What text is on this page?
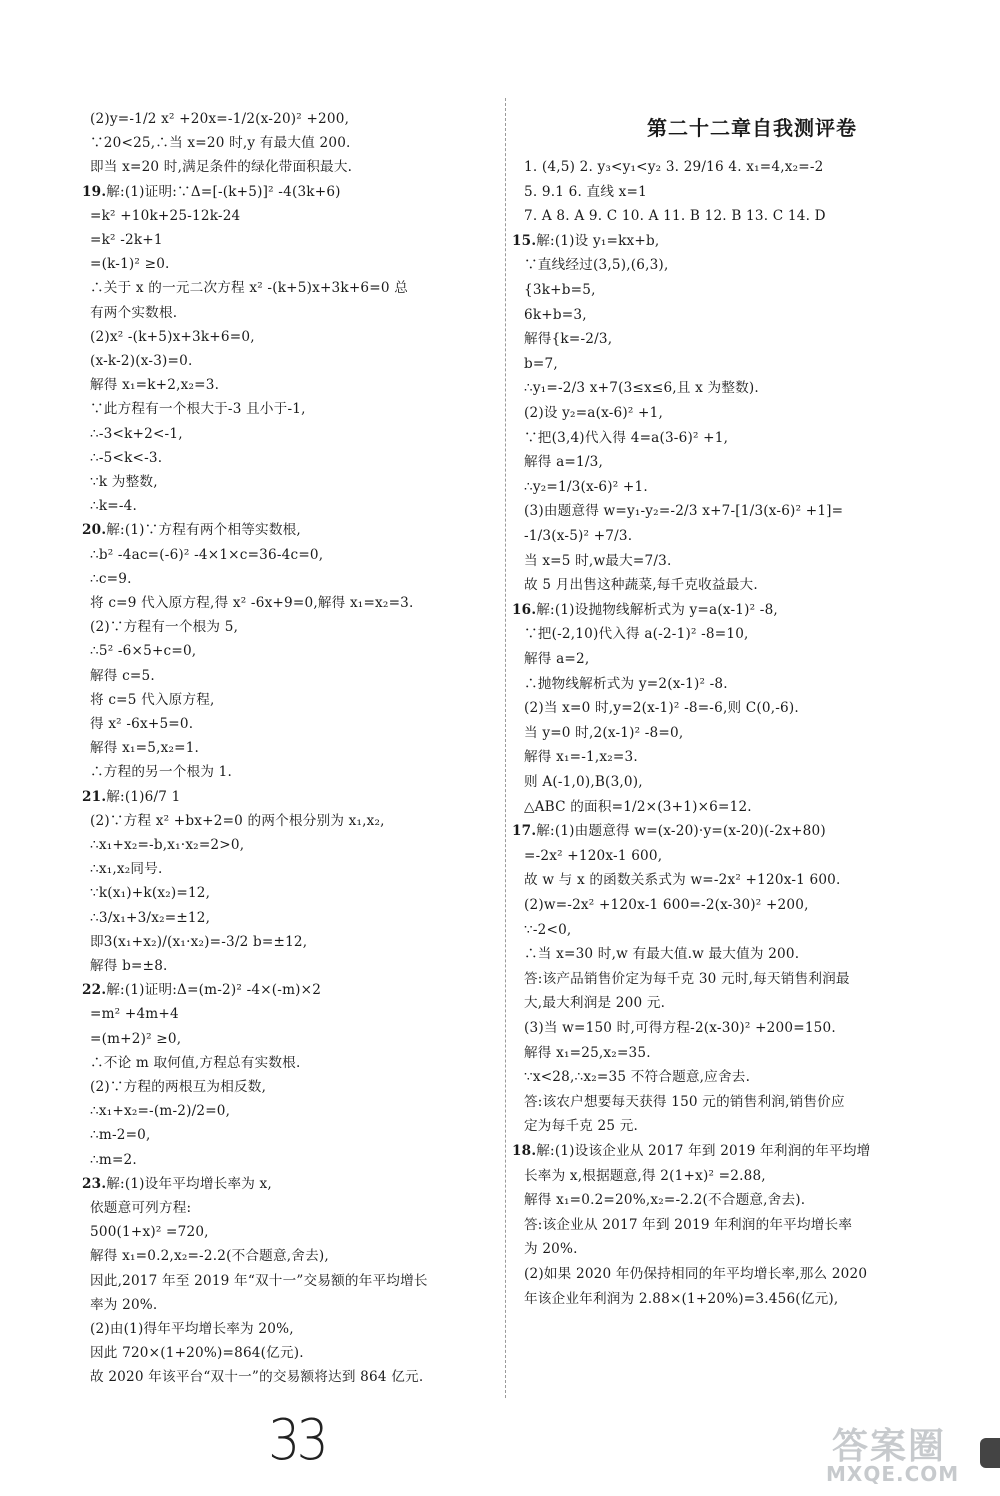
(2)y=-1/2 x² +20x=-1/2(x-20)² +200,
∵20<25,∴当 x=20 时,y 有最大值 200.
即当 x=20 时,满足条件的绿化带面积最大.
19.解:(1)证明:∵Δ=[-(k+5)]² -4(3k+6)
=k² +10k+25-12k-24
=k² -2k+1
=(k-1)² ≥0.
∴关于 x 的一元二次方程 x² -(k+5)x+3k+6=0 总
有两个实数根.
(2)x² -(k+5)x+3k+6=0,
(x-k-2)(x-3)=0.
解得 x₁=k+2,x₂=3.
∵此方程有一个根大于-3 且小于-1,
∴-3<k+2<-1,
∴-5<k<-3.
∵k 为整数,
∴k=-4.
20.解:(1)∵方程有两个相等实数根,
∴b² -4ac=(-6)² -4×1×c=36-4c=0,
∴c=9.
将 c=9 代入原方程,得 x² -6x+9=0,解得 x₁=x₂=3.
(2)∵方程有一个根为 5,
∴5² -6×5+c=0,
解得 c=5.
将 c=5 代入原方程,
得 x² -6x+5=0.
解得 x₁=5,x₂=1.
∴方程的另一个根为 1.
21.解:(1)6/7 1
(2)∵方程 x² +bx+2=0 的两个根分别为 x₁,x₂,
∴x₁+x₂=-b,x₁·x₂=2>0,
∴x₁,x₂同号.
∵k(x₁)+k(x₂)=12,
∴3/x₁+3/x₂=±12,
即3(x₁+x₂)/(x₁·x₂)=-3/2 b=±12,
解得 b=±8.
22.解:(1)证明:Δ=(m-2)² -4×(-m)×2
=m² +4m+4
=(m+2)² ≥0,
∴不论 m 取何值,方程总有实数根.
(2)∵方程的两根互为相反数,
∴x₁+x₂=-(m-2)/2=0,
∴m-2=0,
∴m=2.
23.解:(1)设年平均增长率为 x,
依题意可列方程:
500(1+x)² =720,
解得 x₁=0.2,x₂=-2.2(不合题意,舍去),
因此,2017 年至 2019 年“双十一”交易额的年平均增长
率为 20%.
(2)由(1)得年平均增长率为 20%,
因此 720×(1+20%)=864(亿元).
故 2020 年该平台“双十一”的交易额将达到 864 亿元.
第二十二章自我测评卷
1. (4,5) 2. y₃<y₁<y₂ 3. 29/16 4. x₁=4,x₂=-2
5. 9.1 6. 直线 x=1
7. A 8. A 9. C 10. A 11. B 12. B 13. C 14. D
15.解:(1)设 y₁=kx+b,
∵直线经过(3,5),(6,3),
{3k+b=5,
6k+b=3,
解得{k=-2/3,
b=7,
∴y₁=-2/3 x+7(3≤x≤6,且 x 为整数).
(2)设 y₂=a(x-6)² +1,
∵把(3,4)代入得 4=a(3-6)² +1,
解得 a=1/3,
∴y₂=1/3(x-6)² +1.
(3)由题意得 w=y₁-y₂=-2/3 x+7-[1/3(x-6)² +1]=
-1/3(x-5)² +7/3.
当 x=5 时,w最大=7/3.
故 5 月出售这种蔬菜,每千克收益最大.
16.解:(1)设抛物线解析式为 y=a(x-1)² -8,
∵把(-2,10)代入得 a(-2-1)² -8=10,
解得 a=2,
∴抛物线解析式为 y=2(x-1)² -8.
(2)当 x=0 时,y=2(x-1)² -8=-6,则 C(0,-6).
当 y=0 时,2(x-1)² -8=0,
解得 x₁=-1,x₂=3.
则 A(-1,0),B(3,0),
△ABC 的面积=1/2×(3+1)×6=12.
17.解:(1)由题意得 w=(x-20)·y=(x-20)(-2x+80)
=-2x² +120x-1 600,
故 w 与 x 的函数关系式为 w=-2x² +120x-1 600.
(2)w=-2x² +120x-1 600=-2(x-30)² +200,
∵-2<0,
∴当 x=30 时,w 有最大值.w 最大值为 200.
答:该产品销售价定为每千克 30 元时,每天销售利润最
大,最大利润是 200 元.
(3)当 w=150 时,可得方程-2(x-30)² +200=150.
解得 x₁=25,x₂=35.
∵x<28,∴x₂=35 不符合题意,应舍去.
答:该农户想要每天获得 150 元的销售利润,销售价应
定为每千克 25 元.
18.解:(1)设该企业从 2017 年到 2019 年利润的年平均增
长率为 x,根据题意,得 2(1+x)² =2.88,
解得 x₁=0.2=20%,x₂=-2.2(不合题意,舍去).
答:该企业从 2017 年到 2019 年利润的年平均增长率
为 20%.
(2)如果 2020 年仍保持相同的年平均增长率,那么 2020
年该企业年利润为 2.88×(1+20%)=3.456(亿元),
33	答案圈
MXQE.COM
